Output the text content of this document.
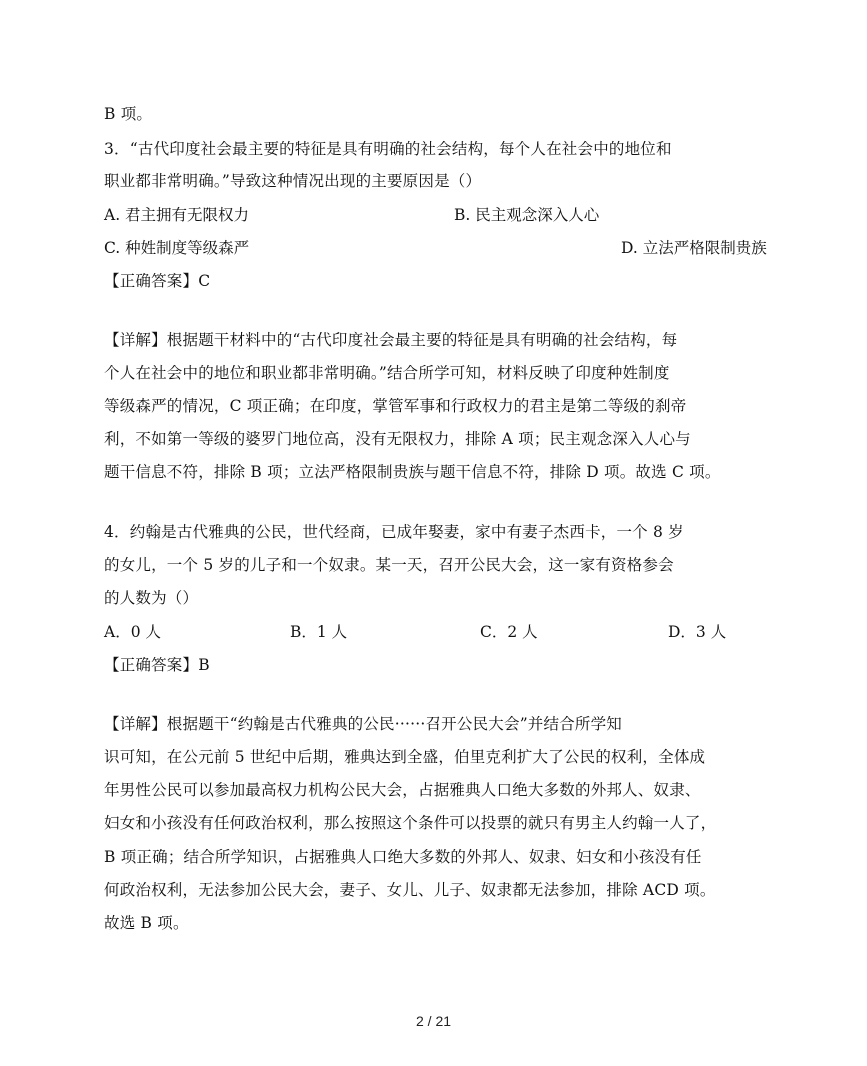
B 项。
3．“古代印度社会最主要的特征是具有明确的社会结构，每个人在社会中的地位和
职业都非常明确。”导致这种情况出现的主要原因是（）
A. 君主拥有无限权力	B. 民主观念深入人心
C. 种姓制度等级森严	D. 立法严格限制贵族
【正确答案】C
【详解】根据题干材料中的“古代印度社会最主要的特征是具有明确的社会结构，每
个人在社会中的地位和职业都非常明确。”结合所学可知，材料反映了印度种姓制度
等级森严的情况，C 项正确；在印度，掌管军事和行政权力的君主是第二等级的刹帝
利，不如第一等级的婆罗门地位高，没有无限权力，排除 A 项；民主观念深入人心与
题干信息不符，排除 B 项；立法严格限制贵族与题干信息不符，排除 D 项。故选 C 项。
4．约翰是古代雅典的公民，世代经商，已成年娶妻，家中有妻子杰西卡，一个 8 岁
的女儿，一个 5 岁的儿子和一个奴隶。某一天，召开公民大会，这一家有资格参会
的人数为（）
A．0 人	B．1 人	C．2 人	D．3 人
【正确答案】B
【详解】根据题干“约翰是古代雅典的公民······召开公民大会”并结合所学知
识可知，在公元前 5 世纪中后期，雅典达到全盛，伯里克利扩大了公民的权利，全体成
年男性公民可以参加最高权力机构公民大会，占据雅典人口绝大多数的外邦人、奴隶、
妇女和小孩没有任何政治权利，那么按照这个条件可以投票的就只有男主人约翰一人了，
B 项正确；结合所学知识，占据雅典人口绝大多数的外邦人、奴隶、妇女和小孩没有任
何政治权利，无法参加公民大会，妻子、女儿、儿子、奴隶都无法参加，排除 ACD 项。
故选 B 项。
2 / 21
